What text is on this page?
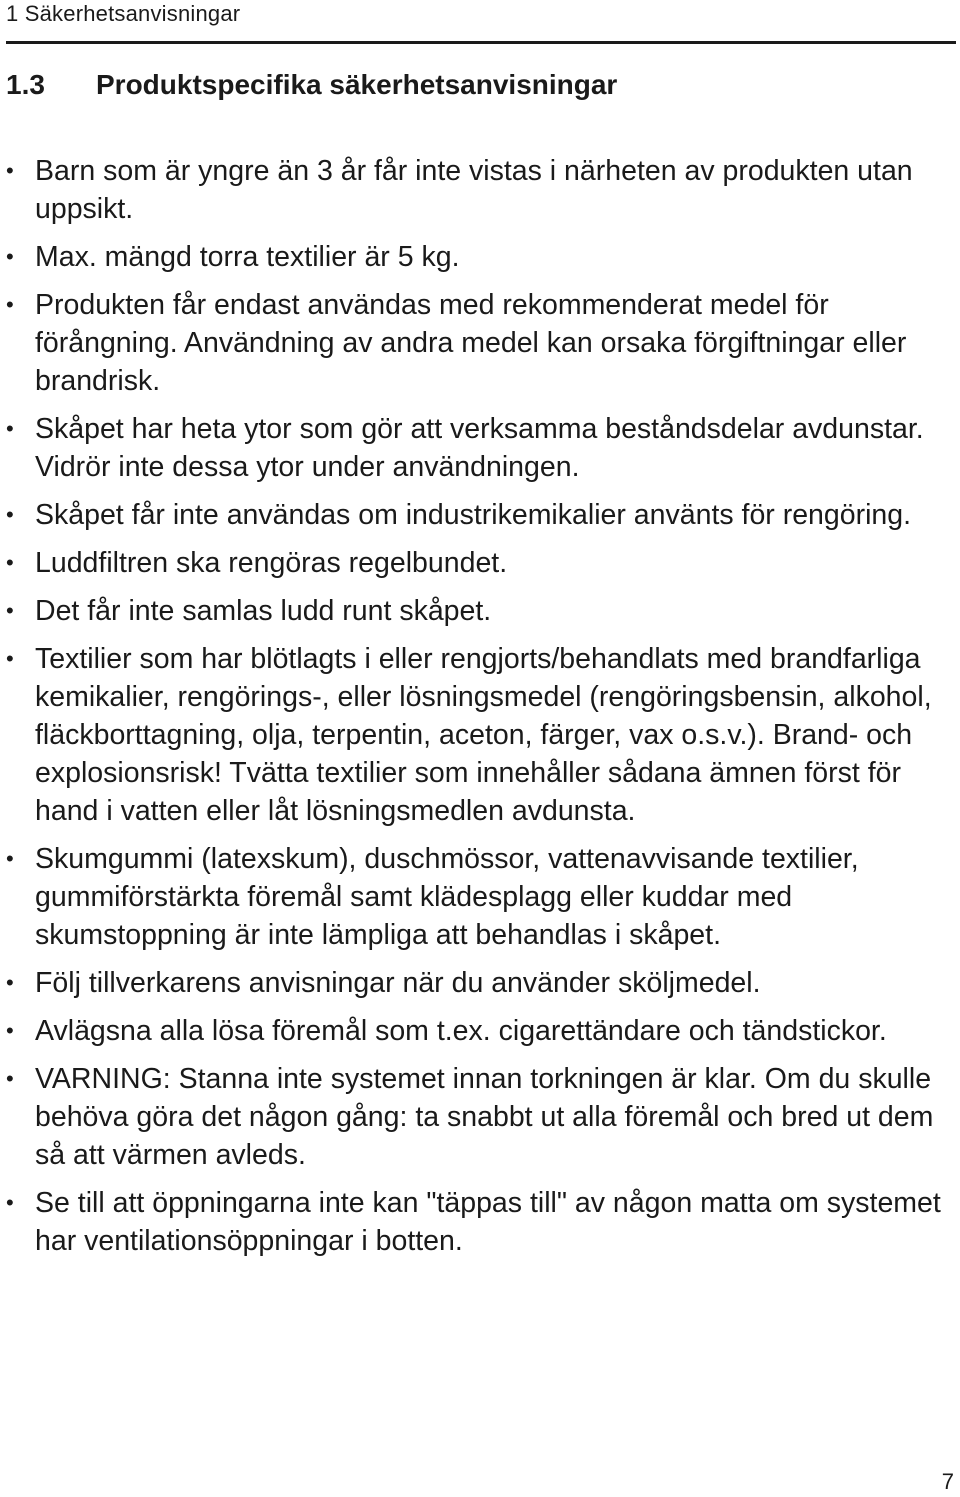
1 Säkerhetsanvisningar
1.3 Produktspecifika säkerhetsanvisningar
• Barn som är yngre än 3 år får inte vistas i närheten av produkten utan uppsikt.
• Max. mängd torra textilier är 5 kg.
• Produkten får endast användas med rekommenderat medel för förångning. Användning av andra medel kan orsaka förgiftningar eller brandrisk.
• Skåpet har heta ytor som gör att verksamma beståndsdelar avdunstar. Vidrör inte dessa ytor under användningen.
• Skåpet får inte användas om industrikemikalier använts för rengöring.
• Luddfiltren ska rengöras regelbundet.
• Det får inte samlas ludd runt skåpet.
• Textilier som har blötlagts i eller rengjorts/behandlats med brandfarliga kemikalier, rengörings-, eller lösningsmedel (rengöringsbensin, alkohol, fläckborttagning, olja, terpentin, aceton, färger, vax o.s.v.). Brand- och explosionsrisk! Tvätta textilier som innehåller sådana ämnen först för hand i vatten eller låt lösningsmedlen avdunsta.
• Skumgummi (latexskum), duschmössor, vattenavvisande textilier, gummiförstärkta föremål samt klädesplagg eller kuddar med skumstoppning är inte lämpliga att behandlas i skåpet.
• Följ tillverkarens anvisningar när du använder sköljmedel.
• Avlägsna alla lösa föremål som t.ex. cigarettändare och tändstickor.
• VARNING: Stanna inte systemet innan torkningen är klar. Om du skulle behöva göra det någon gång: ta snabbt ut alla föremål och bred ut dem så att värmen avleds.
• Se till att öppningarna inte kan "täppas till" av någon matta om systemet har ventilationsöppningar i botten.
7
